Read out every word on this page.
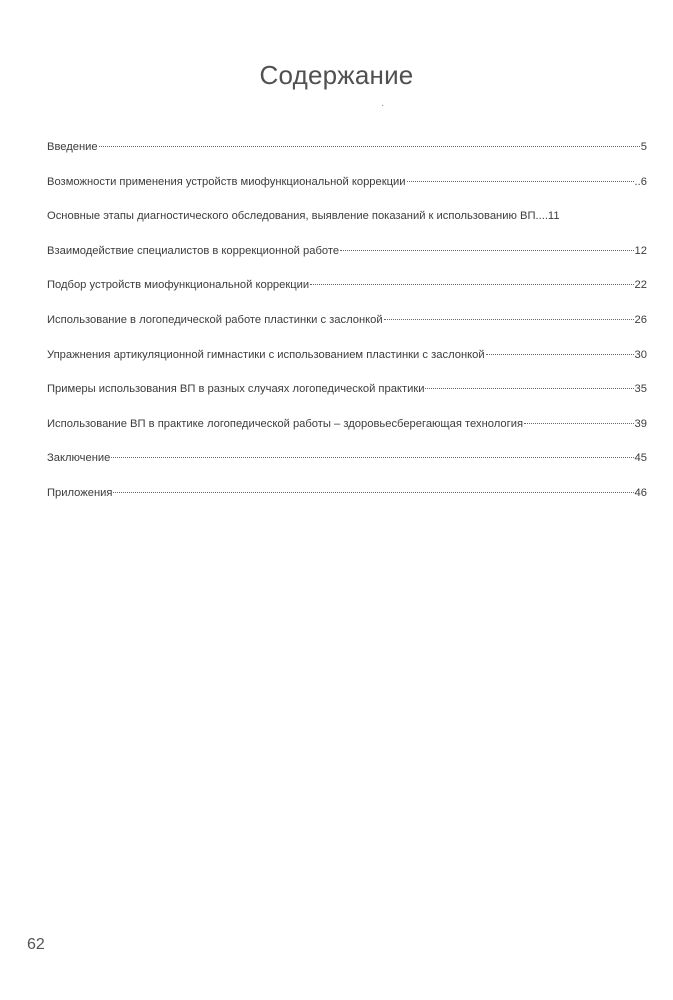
Содержание
·
Введение	5
Возможности применения устройств миофункциональной коррекции	..6
Основные этапы диагностического обследования, выявление показаний к использованию ВП ....11
Взаимодействие специалистов в коррекционной работе	12
Подбор устройств миофункциональной коррекции	22
Использование в логопедической работе пластинки с заслонкой	26
Упражнения артикуляционной гимнастики с использованием пластинки с заслонкой	30
Примеры использования ВП в разных случаях логопедической практики	35
Использование ВП в практике логопедической работы – здоровьесберегающая технология	39
Заключение	45
Приложения	46
62
